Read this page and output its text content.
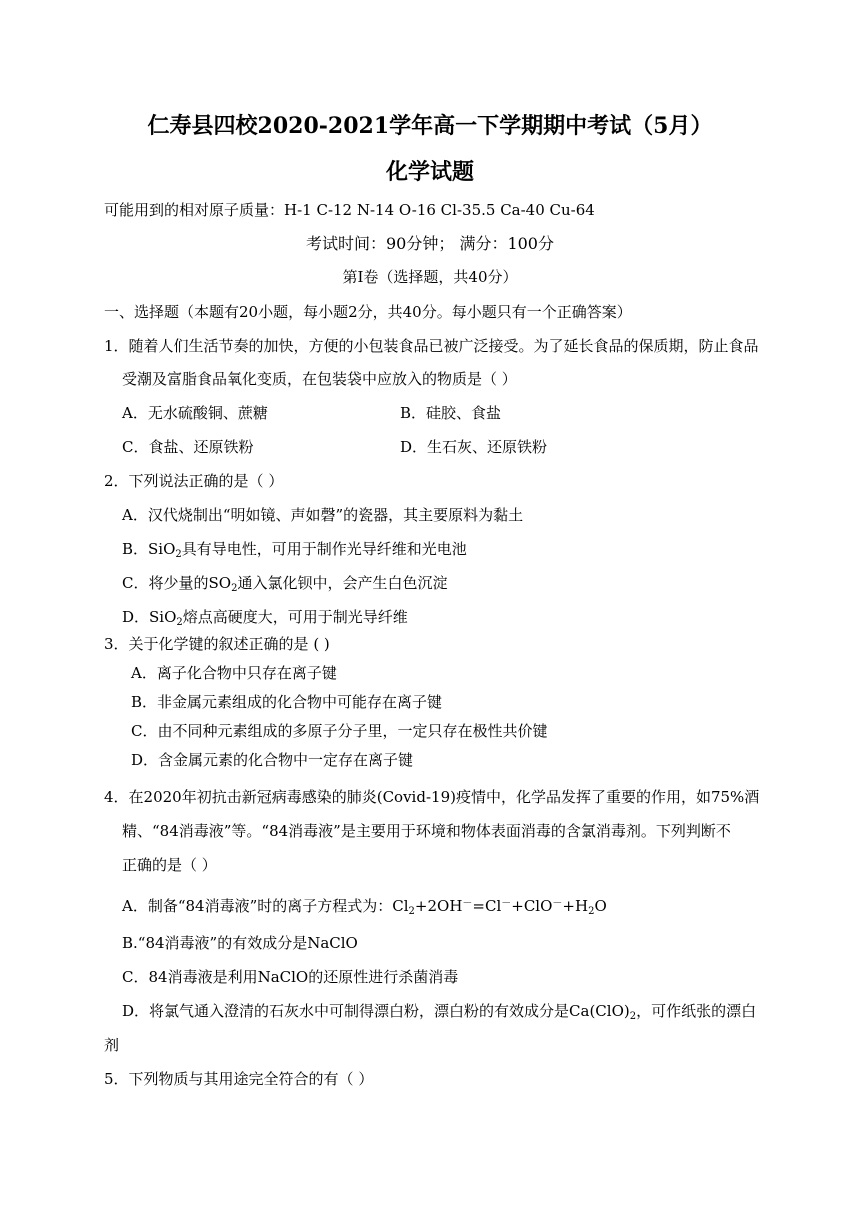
仁寿县四校2020-2021学年高一下学期期中考试（5月）
化学试题
可能用到的相对原子质量：H-1 C-12 N-14 O-16 Cl-35.5 Ca-40 Cu-64
考试时间：90分钟； 满分：100分
第Ⅰ卷（选择题，共40分）
一、选择题（本题有20小题，每小题2分，共40分。每小题只有一个正确答案）
1．随着人们生活节奏的加快，方便的小包装食品已被广泛接受。为了延长食品的保质期，防止食品
受潮及富脂食品氧化变质，在包装袋中应放入的物质是（ ）
A．无水硫酸铜、蔗糖	B．硅胶、食盐
C．食盐、还原铁粉	D．生石灰、还原铁粉
2．下列说法正确的是（ ）
A．汉代烧制出“明如镜、声如磬”的瓷器，其主要原料为黏土
B．SiO$_2$具有导电性，可用于制作光导纤维和光电池
C．将少量的$SO_2$通入氯化钡中，会产生白色沉淀
D．SiO$_2$熔点高硬度大，可用于制光导纤维
3．关于化学键的叙述正确的是 ( )
A．离子化合物中只存在离子键
B．非金属元素组成的化合物中可能存在离子键
C．由不同种元素组成的多原子分子里，一定只存在极性共价键
D．含金属元素的化合物中一定存在离子键
4．在2020年初抗击新冠病毒感染的肺炎(Covid-19)疫情中，化学品发挥了重要的作用，如75%酒
精、“84消毒液”等。“84消毒液”是主要用于环境和物体表面消毒的含氯消毒剂。下列判断不
正确的是（ ）
A．制备“84消毒液”时的离子方程式为：$Cl_2+2OH^-=Cl^-+ClO^-+H_2O$
B.“84消毒液”的有效成分是NaClO
C．84消毒液是利用NaClO的还原性进行杀菌消毒
D．将氯气通入澄清的石灰水中可制得漂白粉，漂白粉的有效成分是$Ca(ClO)_2$，可作纸张的漂白
剂
5．下列物质与其用途完全符合的有（ ）
